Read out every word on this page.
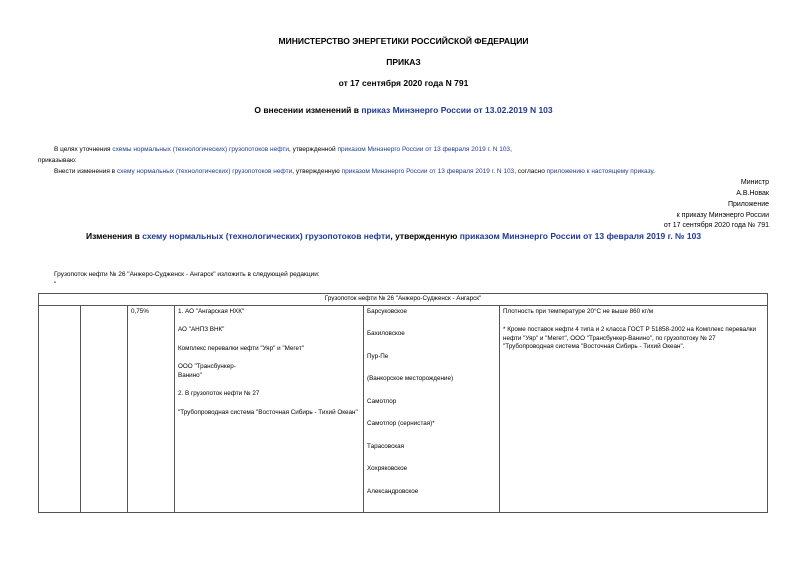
МИНИСТЕРСТВО ЭНЕРГЕТИКИ РОССИЙСКОЙ ФЕДЕРАЦИИ
ПРИКАЗ
от 17 сентября 2020 года N 791
О внесении изменений в приказ Минэнерго России от 13.02.2019 N 103
В целях уточнения схемы нормальных (технологических) грузопотоков нефти, утвержденной приказом Минэнерго России от 13 февраля 2019 г. N 103,
приказываю:
Внести изменения в схему нормальных (технологических) грузопотоков нефти, утвержденную приказом Минэнерго России от 13 февраля 2019 г. N 103, согласно приложению к настоящему приказу.
Министр
А.В.Новак
Приложение
к приказу Минэнерго России
от 17 сентября 2020 года № 791
Изменения в схему нормальных (технологических) грузопотоков нефти, утвержденную приказом Минэнерго России от 13 февраля 2019 г. № 103
Грузопоток нефти № 26 "Анжеро-Судженск - Ангарск" изложить в следующей редакции:
"
Грузопоток нефти № 26 "Анжеро-Судженск - Ангарск"
		0,75%	1. АО "Ангарская НХК"

АО "АНПЗ ВНК"

Комплекс перевалки нефти "Уяр" и "Мегет"

ООО "Трансбункер-

Ванино"

2. В грузопоток нефти № 27

"Трубопроводная система "Восточная Сибирь - Тихий Океан"

Барсуковское

Бахиловское

Пур-Пе

(Ванкорское месторождение)

Самотлор

Самотлор (сернистая)*

Тарасовская

Хохряковское

Александровское

Плотность при температуре 20°С не выше 860 кг/м

* Кроме поставок нефти 4 типа и 2 класса ГОСТ Р 51858-2002 на Комплекс перевалки нефти "Уяр" и "Мегет", ООО "Трансбункер-Ванино", по грузопотоку № 27 "Трубопроводная система "Восточная Сибирь - Тихий Океан".
